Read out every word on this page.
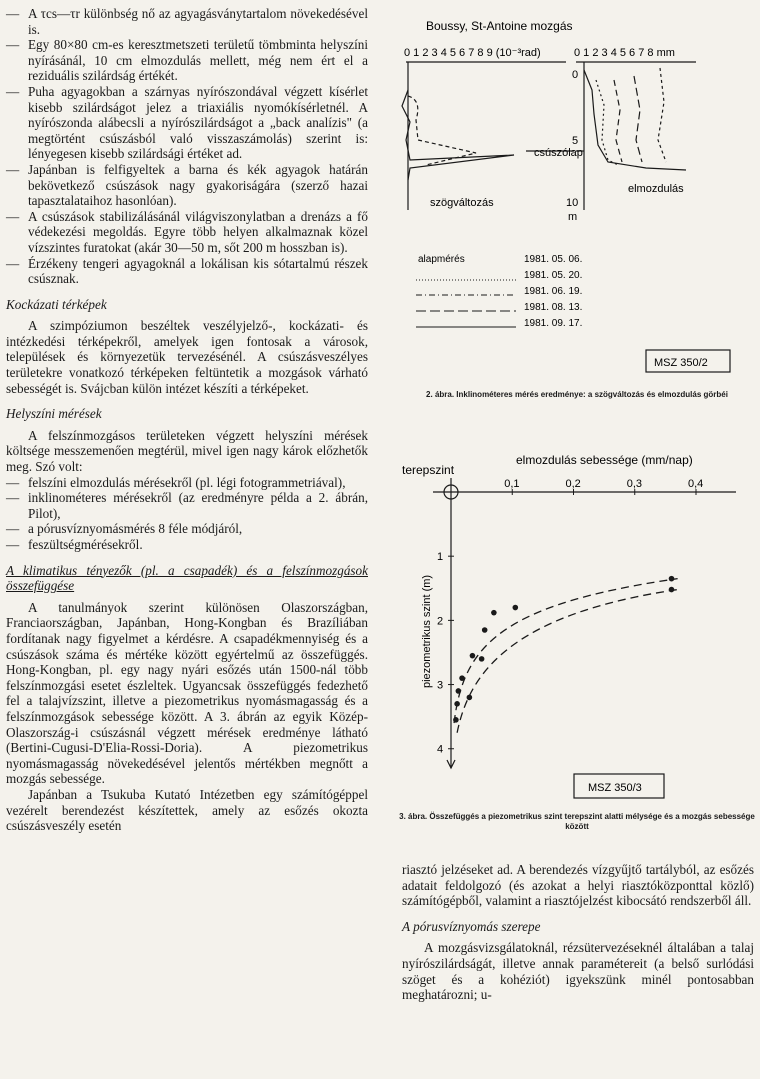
— A τcs—τr különbség nő az agyagásványtartalom növekedésével is.

— Egy 80×80 cm-es keresztmetszeti területű tömbminta helyszíni nyírásánál, 10 cm elmozdulás mellett, még nem ért el a reziduális szilárdság értékét.

— Puha agyagokban a szárnyas nyírószondával végzett kísérlet kisebb szilárdságot jelez a triaxiális nyomókísérletnél. A nyírószonda alábecsli a nyírószilárdságot a „back analízis" (a megtörtént csúszásból való visszaszámolás) szerint is: lényegesen kisebb szilárdsági értéket ad.

— Japánban is felfigyeltek a barna és kék agyagok határán bekövetkező csúszások nagy gyakoriságára (szerző hazai tapasztalataihoz hasonlóan).

— A csúszások stabilizálásánál világviszonylatban a drenázs a fő védekezési megoldás. Egyre több helyen alkalmaznak közel vízszintes furatokat (akár 30—50 m, sőt 200 m hosszban is).

— Érzékeny tengeri agyagoknál a lokálisan kis sótartalmú részek csúsznak.

Kockázati térképek

A szimpóziumon beszéltek veszélyjelző-, kockázati- és intézkedési térképekről, amelyek igen fontosak a városok, települések és környezetük tervezésénél. A csúszásveszélyes területekre vonatkozó térképeken feltüntetik a mozgások várható sebességét is. Svájcban külön intézet készíti a térképeket.

Helyszíni mérések

A felszínmozgásos területeken végzett helyszíni mérések költsége messzemenően megtérül, mivel igen nagy károk előzhetők meg. Szó volt:

— felszíni elmozdulás mérésekről (pl. légi fotogrammetriával),

— inklinométeres mérésekről (az eredményre példa a 2. ábrán, Pilot),

— a pórusvíznyomásmérés 8 féle módjáról,

— feszültségmérésekről.

A klimatikus tényezők (pl. a csapadék) és a felszínmozgások összefüggése

A tanulmányok szerint különösen Olaszországban, Franciaországban, Japánban, Hong-Kongban és Brazíliában fordítanak nagy figyelmet a kérdésre. A csapadékmennyiség és a csúszások száma és mértéke között egyértelmű az összefüggés. Hong-Kongban, pl. egy nagy nyári esőzés után 1500-nál több felszínmozgási esetet észleltek. Ugyancsak összefüggés fedezhető fel a talajvízszint, illetve a piezometrikus nyomásmagasság és a felszínmozgások sebessége között. A 3. ábrán az egyik Közép-Olaszország-i csúszásnál végzett mérések eredménye látható (Bertini-Cugusi-D'Elia-Rossi-Doria). A piezometrikus nyomásmagasság növekedésével jelentős mértékben megnőtt a mozgás sebessége.

Japánban a Tsukuba Kutató Intézetben egy számítógéppel vezérelt berendezést készítettek, amely az esőzés okozta csúszásveszély esetén

Boussy, St-Antoine mozgás
0 1 2 3 4 5 6 7 8 9 (10⁻³rad)	0 1 2 3 4 5 6 7 8 mm
0
5
10
m
csúszólap
szögváltozás
elmozdulás
alapmérés	1981. 05. 06.
1981. 05. 20.
1981. 06. 19.
1981. 08. 13.
1981. 09. 17.
MSZ 350/2
2. ábra. Inklinométeres mérés eredménye: a szögváltozás és elmozdulás görbéi
terepszint
elmozdulás sebessége (mm/nap)
piezometrikus szint (m)
0,1	0,2	0,3	0,4
1
2
3
4
MSZ 350/3
3. ábra. Összefüggés a piezometrikus szint terepszint alatti mélysége és a mozgás sebessége között

riasztó jelzéseket ad. A berendezés vízgyűjtő tartályból, az esőzés adatait feldolgozó (és azokat a helyi riasztóközponttal közlő) számítógépből, valamint a riasztójelzést kibocsátó rendszerből áll.

A pórusvíznyomás szerepe

A mozgásvizsgálatoknál, rézsütervezéseknél általában a talaj nyírószilárdságát, illetve annak paramétereit (a belső surlódási szöget és a kohéziót) igyekszünk minél pontosabban meghatározni; u-
